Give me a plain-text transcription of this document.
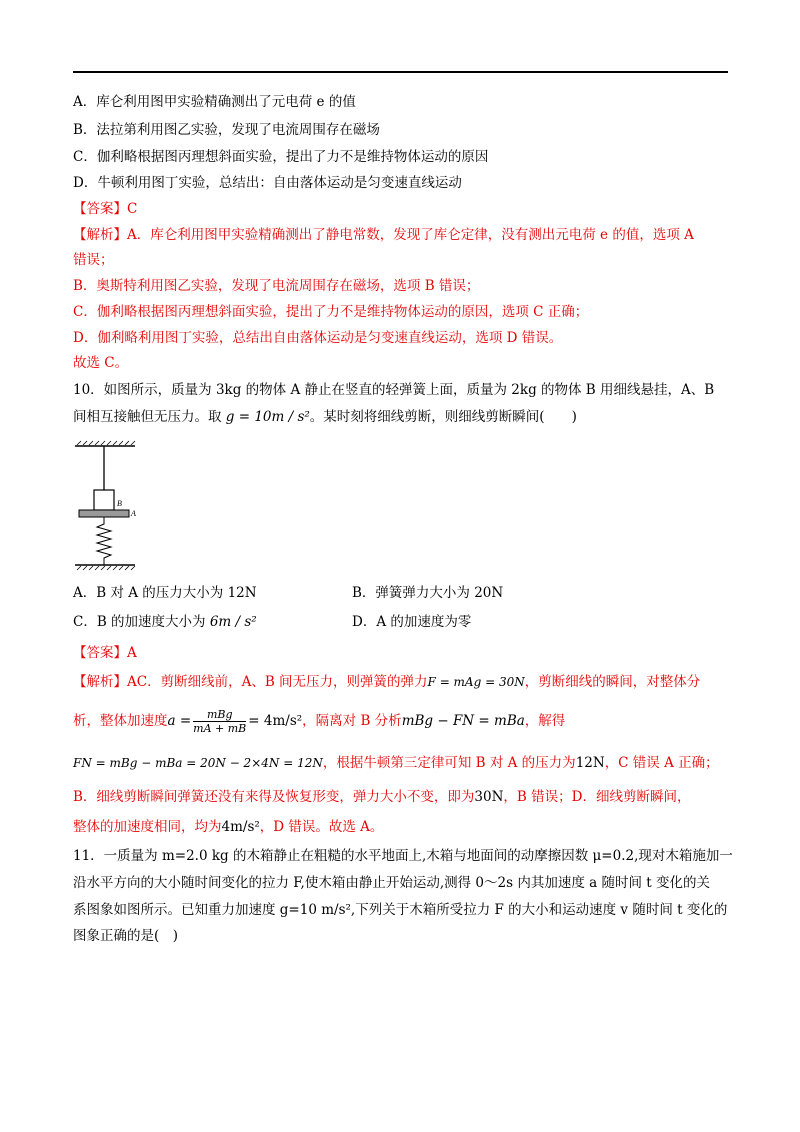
A．库仑利用图甲实验精确测出了元电荷 e 的值
B．法拉第利用图乙实验，发现了电流周围存在磁场
C．伽利略根据图丙理想斜面实验，提出了力不是维持物体运动的原因
D．牛顿利用图丁实验，总结出：自由落体运动是匀变速直线运动
【答案】C
【解析】A．库仑利用图甲实验精确测出了静电常数，发现了库仑定律，没有测出元电荷 e 的值，选项 A
错误；
B．奥斯特利用图乙实验，发现了电流周围存在磁场，选项 B 错误；
C．伽利略根据图丙理想斜面实验，提出了力不是维持物体运动的原因，选项 C 正确；
D．伽利略利用图丁实验，总结出自由落体运动是匀变速直线运动，选项 D 错误。
故选 C。
10．如图所示，质量为 3kg 的物体 A 静止在竖直的轻弹簧上面，质量为 2kg 的物体 B 用细线悬挂，A、B
间相互接触但无压力。取 g = 10m / s²。某时刻将细线剪断，则细线剪断瞬间(　　)
B
A
A．B 对 A 的压力大小为 12N	B．弹簧弹力大小为 20N
C．B 的加速度大小为 6m / s²	D．A 的加速度为零
【答案】A
【解析】AC．剪断细线前，A、B 间无压力，则弹簧的弹力F = mAg = 30N，剪断细线的瞬间，对整体分
析，整体加速度$a = \frac{\text{mBg}}{mA + mB} = 4m/s^2$，隔离对 B 分析mBg − FN = mBa，解得
FN = mBg − mBa = 20N − 2×4N = 12N，根据牛顿第三定律可知 B 对 A 的压力为12N，C 错误 A 正确；
B．细线剪断瞬间弹簧还没有来得及恢复形变，弹力大小不变，即为30N，B 错误；D．细线剪断瞬间，
整体的加速度相同，均为4m/s²，D 错误。故选 A。
11．一质量为 m=2.0 kg 的木箱静止在粗糙的水平地面上,木箱与地面间的动摩擦因数 μ=0.2,现对木箱施加一
沿水平方向的大小随时间变化的拉力 F,使木箱由静止开始运动,测得 0～2s 内其加速度 a 随时间 t 变化的关
系图象如图所示。已知重力加速度 g=10 m/s²,下列关于木箱所受拉力 F 的大小和运动速度 v 随时间 t 变化的
图象正确的是(　)
